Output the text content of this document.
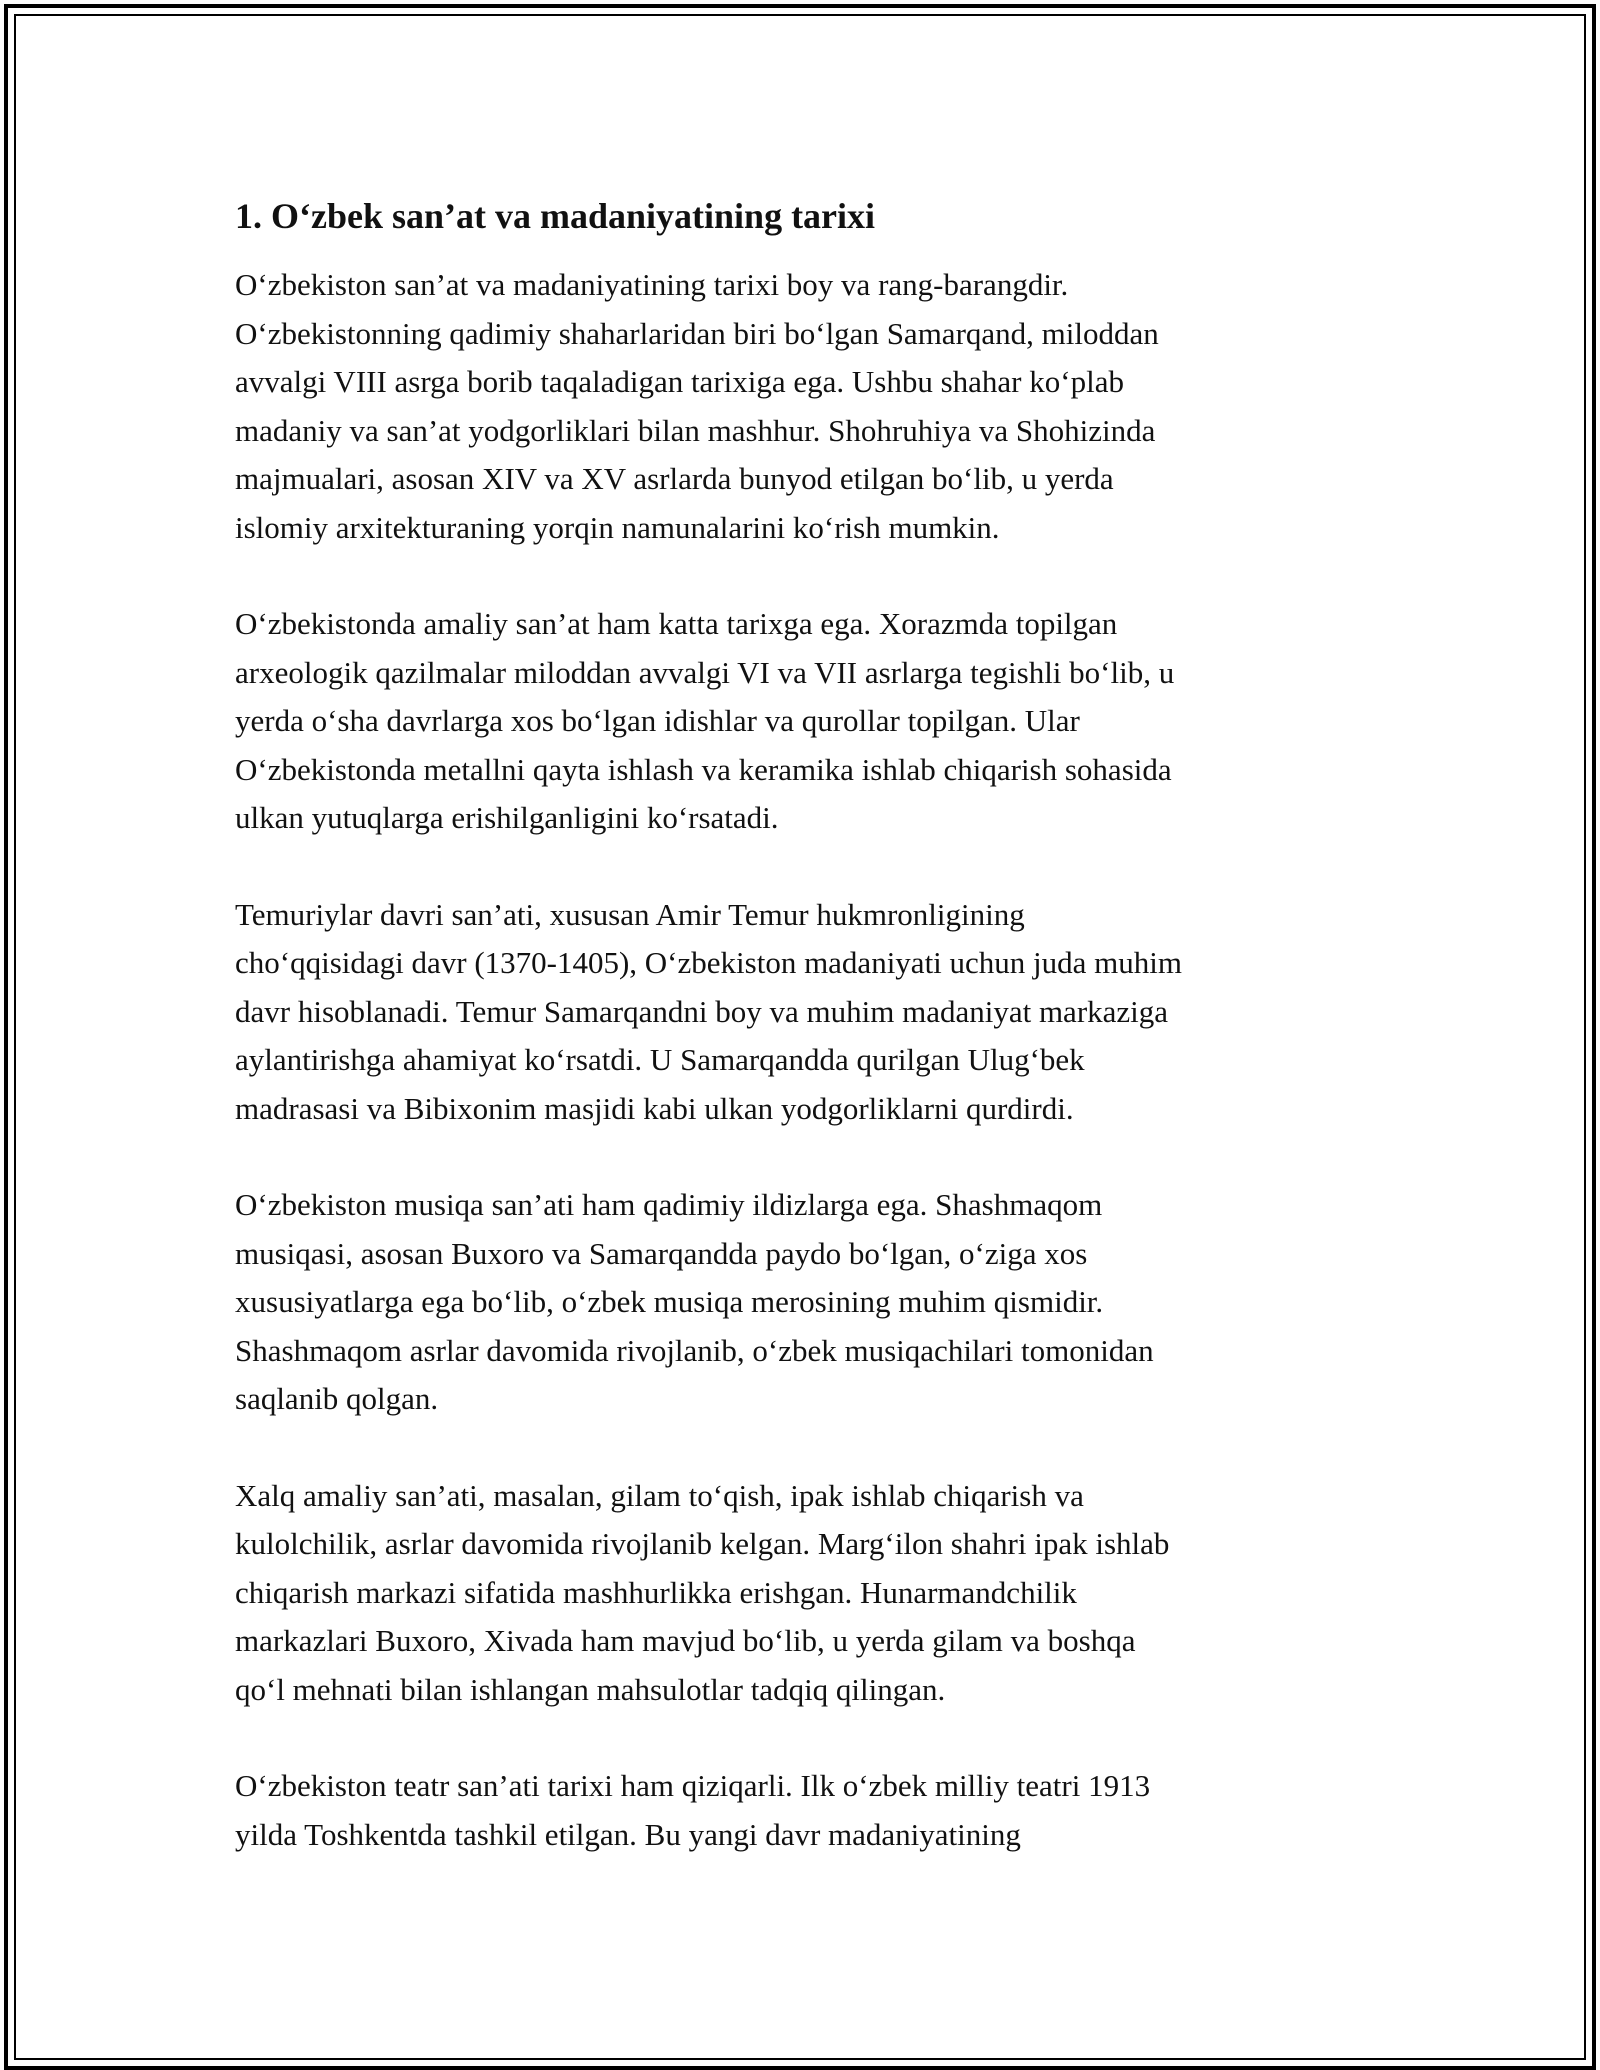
1. O‘zbek san’at va madaniyatining tarixi
O‘zbekiston san’at va madaniyatining tarixi boy va rang-barangdir.
O‘zbekistonning qadimiy shaharlaridan biri bo‘lgan Samarqand, miloddan
avvalgi VIII asrga borib taqaladigan tarixiga ega. Ushbu shahar ko‘plab
madaniy va san’at yodgorliklari bilan mashhur. Shohruhiya va Shohizinda
majmualari, asosan XIV va XV asrlarda bunyod etilgan bo‘lib, u yerda
islomiy arxitekturaning yorqin namunalarini ko‘rish mumkin.
O‘zbekistonda amaliy san’at ham katta tarixga ega. Xorazmda topilgan
arxeologik qazilmalar miloddan avvalgi VI va VII asrlarga tegishli bo‘lib, u
yerda o‘sha davrlarga xos bo‘lgan idishlar va qurollar topilgan. Ular
O‘zbekistonda metallni qayta ishlash va keramika ishlab chiqarish sohasida
ulkan yutuqlarga erishilganligini ko‘rsatadi.
Temuriylar davri san’ati, xususan Amir Temur hukmronligining
cho‘qqisidagi davr (1370-1405), O‘zbekiston madaniyati uchun juda muhim
davr hisoblanadi. Temur Samarqandni boy va muhim madaniyat markaziga
aylantirishga ahamiyat ko‘rsatdi. U Samarqandda qurilgan Ulug‘bek
madrasasi va Bibixonim masjidi kabi ulkan yodgorliklarni qurdirdi.
O‘zbekiston musiqa san’ati ham qadimiy ildizlarga ega. Shashmaqom
musiqasi, asosan Buxoro va Samarqandda paydo bo‘lgan, o‘ziga xos
xususiyatlarga ega bo‘lib, o‘zbek musiqa merosining muhim qismidir.
Shashmaqom asrlar davomida rivojlanib, o‘zbek musiqachilari tomonidan
saqlanib qolgan.
Xalq amaliy san’ati, masalan, gilam to‘qish, ipak ishlab chiqarish va
kulolchilik, asrlar davomida rivojlanib kelgan. Marg‘ilon shahri ipak ishlab
chiqarish markazi sifatida mashhurlikka erishgan. Hunarmandchilik
markazlari Buxoro, Xivada ham mavjud bo‘lib, u yerda gilam va boshqa
qo‘l mehnati bilan ishlangan mahsulotlar tadqiq qilingan.
O‘zbekiston teatr san’ati tarixi ham qiziqarli. Ilk o‘zbek milliy teatri 1913
yilda Toshkentda tashkil etilgan. Bu yangi davr madaniyatining
